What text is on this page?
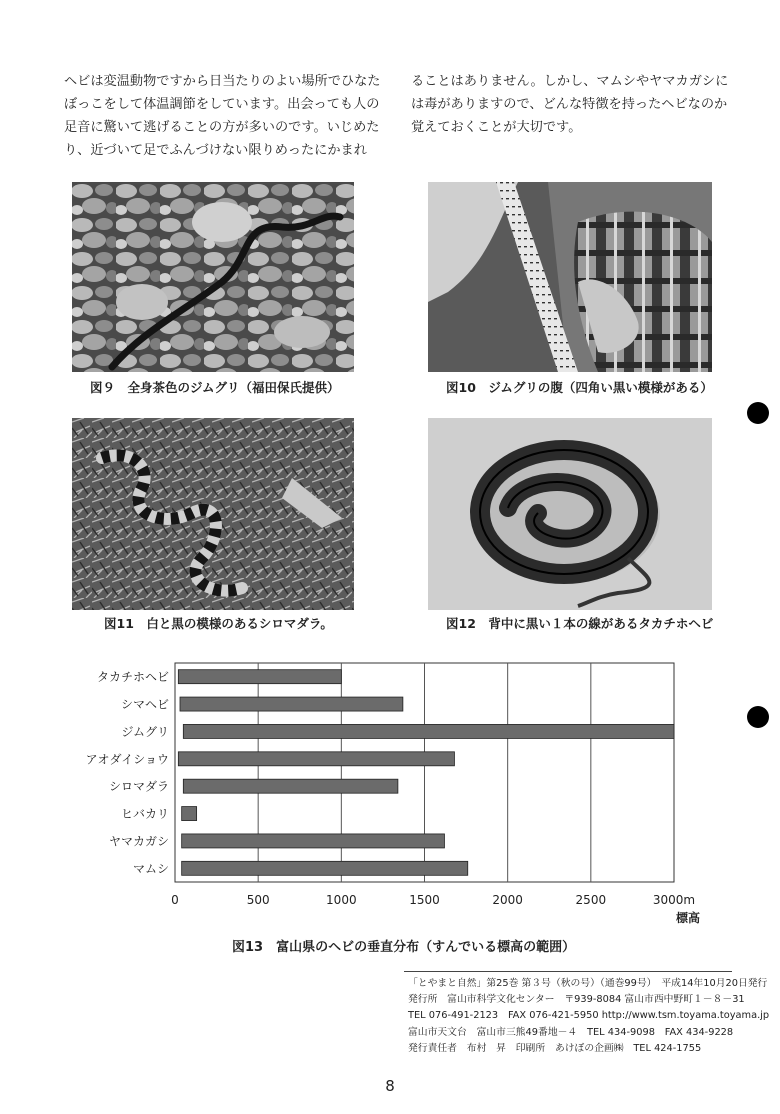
ヘビは変温動物ですから日当たりのよい場所でひなたぼっこをして体温調節をしています。出会っても人の足音に驚いて逃げることの方が多いのです。いじめたり、近づいて足でふんづけない限りめったにかまれ

ることはありません。しかし、マムシやヤマカガシには毒がありますので、どんな特徴を持ったヘビなのか覚えておくことが大切です。

図９　全身茶色のジムグリ（福田保氏提供）	図10　ジムグリの腹（四角い黒い模様がある）
図11　白と黒の模様のあるシロマダラ。	図12　背中に黒い１本の線があるタカチホヘビ
タカチホヘビ
シマヘビ
ジムグリ
アオダイショウ
シロマダラ
ヒバカリ
ヤマカガシ
マムシ
0	500	1000	1500	2000	2500	3000m
標高
図13　富山県のヘビの垂直分布（すんでいる標高の範囲）
「とやまと自然」第25巻 第３号（秋の号）（通巻99号）　平成14年10月20日発行
発行所　富山市科学文化センター　〒939-8084 富山市西中野町１－８－31
TEL 076-491-2123　FAX 076-421-5950 http://www.tsm.toyama.toyama.jp
富山市天文台　富山市三熊49番地－４　TEL 434-9098　FAX 434-9228
発行責任者　布村　昇　印刷所　あけぼの企画㈱　TEL 424-1755
8
